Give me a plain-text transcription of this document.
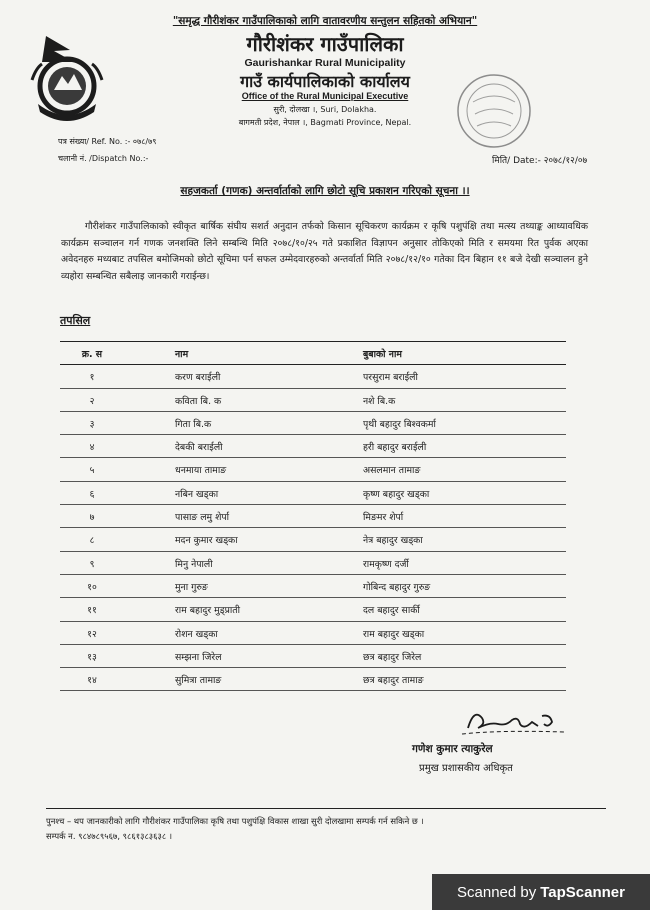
"समृद्ध गौरीशंकर गाउँपालिकाको लागि वातावरणीय सन्तुलन सहितको अभियान"
गौरीशंकर गाउँपालिका
Gaurishankar Rural Municipality
गाउँ कार्यपालिकाको कार्यालय
Office of the Rural Municipal Executive
सुरी, दोलखा ।, Suri, Dolakha.
बागमती प्रदेश, नेपाल ।, Bagmati Province, Nepal.
पत्र संख्या/ Ref. No. :- ०७८/७९
चलानी नं. /Dispatch No.:-	मिति/ Date:- २०७८/१२/०७
सहजकर्ता (गणक) अन्तर्वार्ताको लागि छोटो सूचि प्रकाशन गरिएको सूचना ।।
गौरीशंकर गाउँपालिकाको स्वीकृत बार्षिक संघीय सशर्त अनुदान तर्फको किसान सूचिकरण कार्यक्रम र कृषि पशुपंक्षि तथा मत्स्य तथ्याङ्क आध्यावधिक कार्यक्रम सञ्चालन गर्न गणक जनशक्ति लिने सम्बन्धि मिति २०७८/१०/२५ गते प्रकाशित विज्ञापन अनुसार तोकिएको मिति र समयमा रित पुर्वक अएका अवेदनहरु मध्यबाट तपसिल बमोजिमको छोटो सूचिमा पर्न सफल उम्मेदवारहरुको अन्तर्वार्ता मिति २०७८/१२/१० गतेका दिन बिहान ११ बजे देखी सञ्चालन हुने व्यहोरा सम्बन्धित सबैलाइ जानकारी गराईन्छ।
तपसिल
क्र. स	नाम	बुबाको नाम
१	करण बराईली	परसुराम बराईली
२	कविता बि. क	नशे बि.क
३	गिता बि.क	पृथी बहादुर बिश्वकर्मा
४	देबकी बराईली	हरी बहादुर बराईली
५	धनमाया तामाङ	असलमान तामाङ
६	नबिन खड्का	कृष्ण बहादुर खड्का
७	पासाङ लमु शेर्पा	मिङमर शेर्पा
८	मदन कुमार खड्का	नेत्र बहादुर खड्का
९	मिनु नेपाली	रामकृष्ण दर्जी
१०	मुना गुरुङ	गोबिन्द बहादुर गुरुङ
११	राम बहादुर मुड्प्राती	दल बहादुर सार्की
१२	रोशन खड्का	राम बहादुर खड्का
१३	सम्झना जिरेल	छत्र बहादुर जिरेल
१४	सुमित्रा तामाङ	छत्र बहादुर तामाङ
गणेश कुमार त्याकुरेल
प्रमुख प्रशासकीय अधिकृत
पुनश्च – थप जानकारीको लागि गौरीशंकर गाउँपालिका कृषि तथा पशुपंक्षि विकास शाखा सुरी दोलखामा सम्पर्क गर्न सकिने छ ।
सम्पर्क न. ९८४७८९५६७, ९८६१३८३६३८ ।
Scanned by TapScanner
